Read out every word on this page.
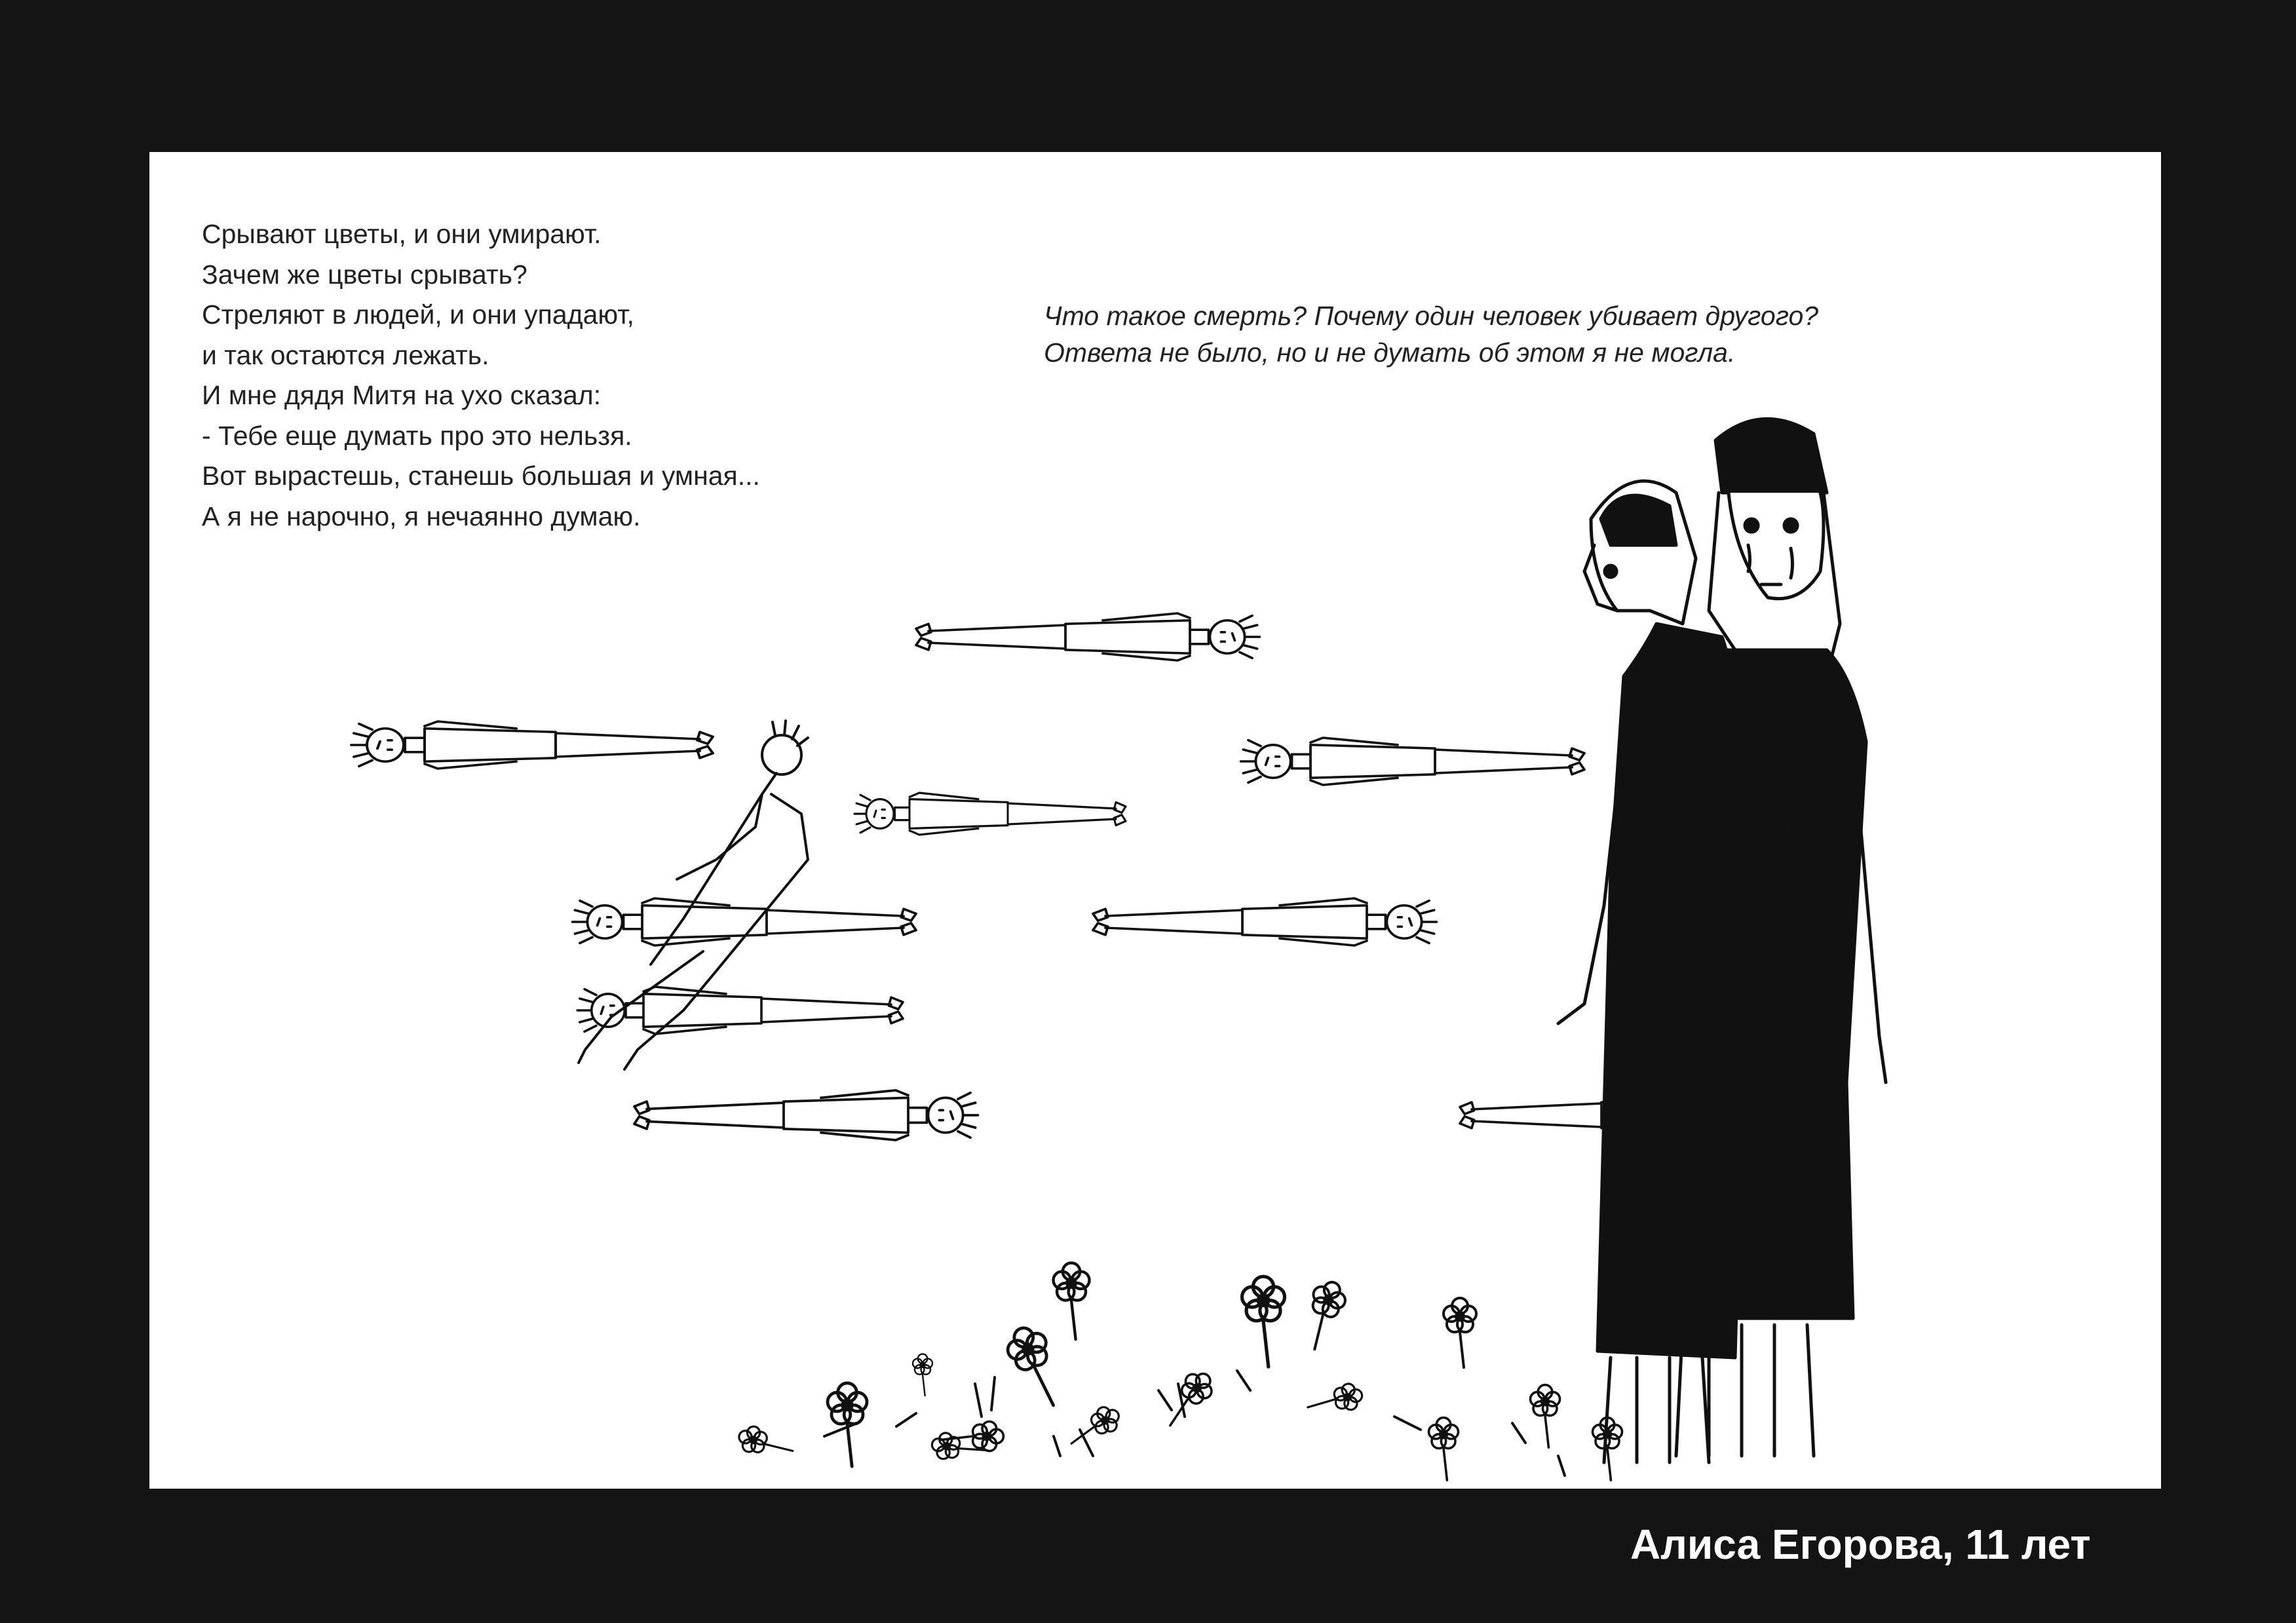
Срывают цветы, и они умирают.
Зачем же цветы срывать?
Стреляют в людей, и они упадают,
и так остаются лежать.
И мне дядя Митя на ухо сказал:
- Тебе еще думать про это нельзя.
Вот вырастешь, станешь большая и умная...
А я не нарочно, я нечаянно думаю.
Что такое смерть? Почему один человек убивает другого?
Ответа не было, но и не думать об этом я не могла.
Алиса Егорова, 11 лет
